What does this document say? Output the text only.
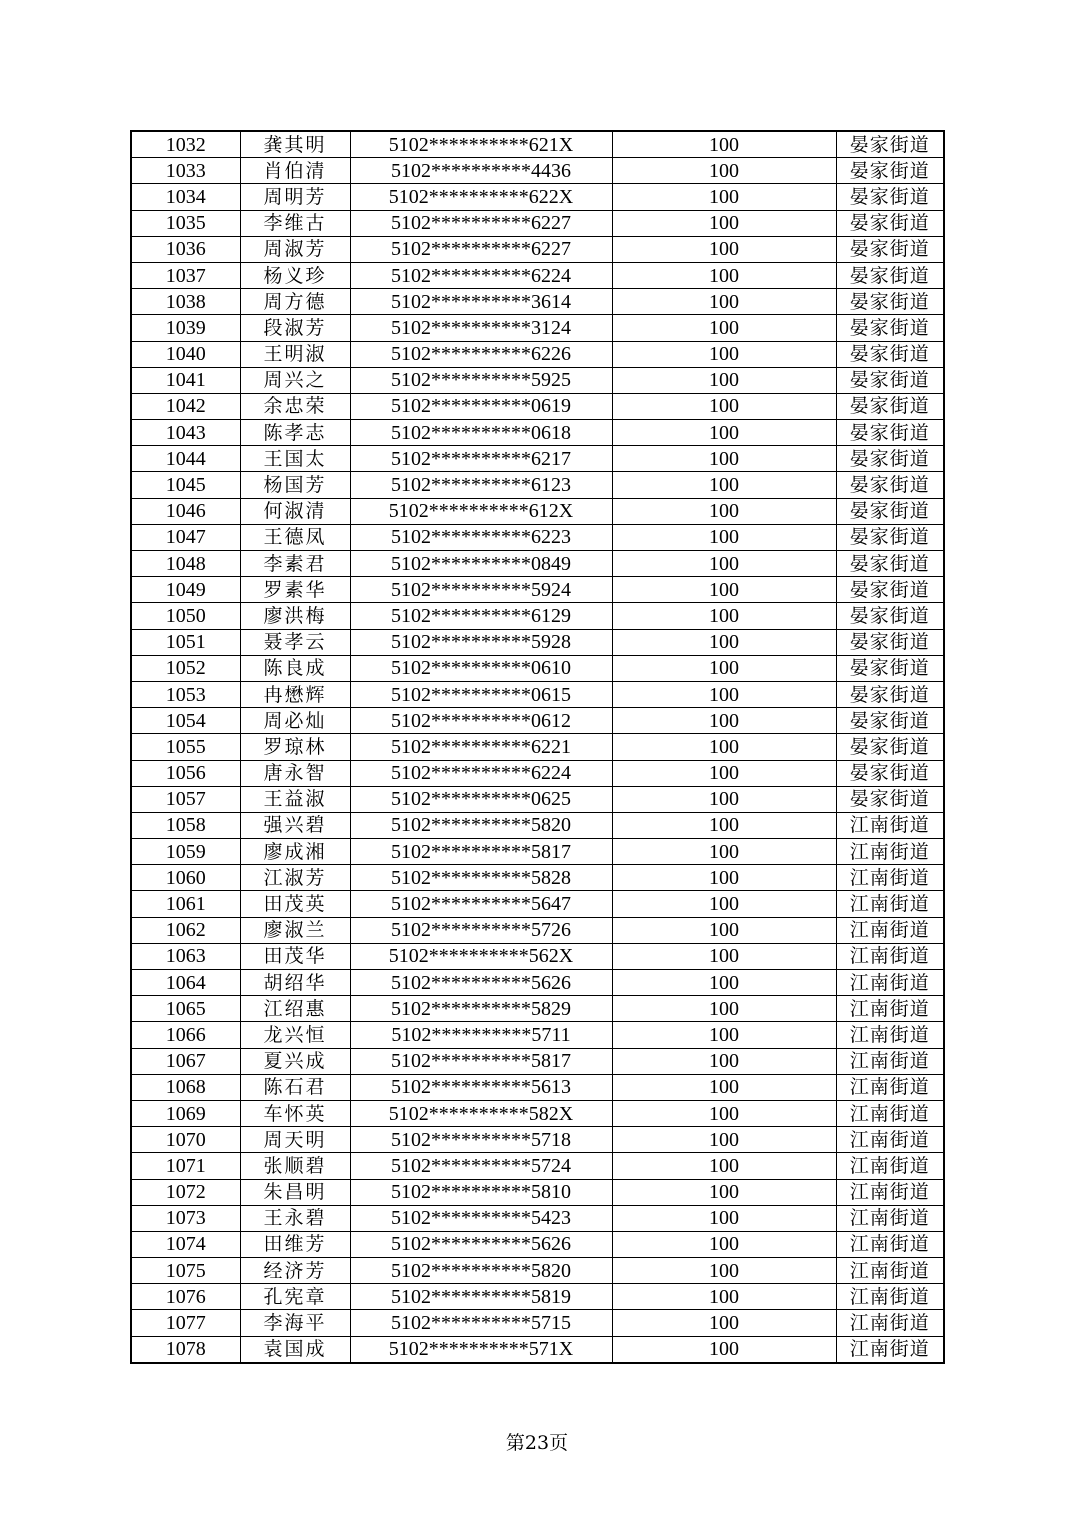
1032	龚其明	5102**********621X	100	晏家街道
1033	肖伯清	5102**********4436	100	晏家街道
1034	周明芳	5102**********622X	100	晏家街道
1035	李维古	5102**********6227	100	晏家街道
1036	周淑芳	5102**********6227	100	晏家街道
1037	杨义珍	5102**********6224	100	晏家街道
1038	周方德	5102**********3614	100	晏家街道
1039	段淑芳	5102**********3124	100	晏家街道
1040	王明淑	5102**********6226	100	晏家街道
1041	周兴之	5102**********5925	100	晏家街道
1042	余忠荣	5102**********0619	100	晏家街道
1043	陈孝志	5102**********0618	100	晏家街道
1044	王国太	5102**********6217	100	晏家街道
1045	杨国芳	5102**********6123	100	晏家街道
1046	何淑清	5102**********612X	100	晏家街道
1047	王德凤	5102**********6223	100	晏家街道
1048	李素君	5102**********0849	100	晏家街道
1049	罗素华	5102**********5924	100	晏家街道
1050	廖洪梅	5102**********6129	100	晏家街道
1051	聂孝云	5102**********5928	100	晏家街道
1052	陈良成	5102**********0610	100	晏家街道
1053	冉懋辉	5102**********0615	100	晏家街道
1054	周必灿	5102**********0612	100	晏家街道
1055	罗琼林	5102**********6221	100	晏家街道
1056	唐永智	5102**********6224	100	晏家街道
1057	王益淑	5102**********0625	100	晏家街道
1058	强兴碧	5102**********5820	100	江南街道
1059	廖成湘	5102**********5817	100	江南街道
1060	江淑芳	5102**********5828	100	江南街道
1061	田茂英	5102**********5647	100	江南街道
1062	廖淑兰	5102**********5726	100	江南街道
1063	田茂华	5102**********562X	100	江南街道
1064	胡绍华	5102**********5626	100	江南街道
1065	江绍惠	5102**********5829	100	江南街道
1066	龙兴恒	5102**********5711	100	江南街道
1067	夏兴成	5102**********5817	100	江南街道
1068	陈石君	5102**********5613	100	江南街道
1069	车怀英	5102**********582X	100	江南街道
1070	周天明	5102**********5718	100	江南街道
1071	张顺碧	5102**********5724	100	江南街道
1072	朱昌明	5102**********5810	100	江南街道
1073	王永碧	5102**********5423	100	江南街道
1074	田维芳	5102**********5626	100	江南街道
1075	经济芳	5102**********5820	100	江南街道
1076	孔宪章	5102**********5819	100	江南街道
1077	李海平	5102**********5715	100	江南街道
1078	袁国成	5102**********571X	100	江南街道
第23页
